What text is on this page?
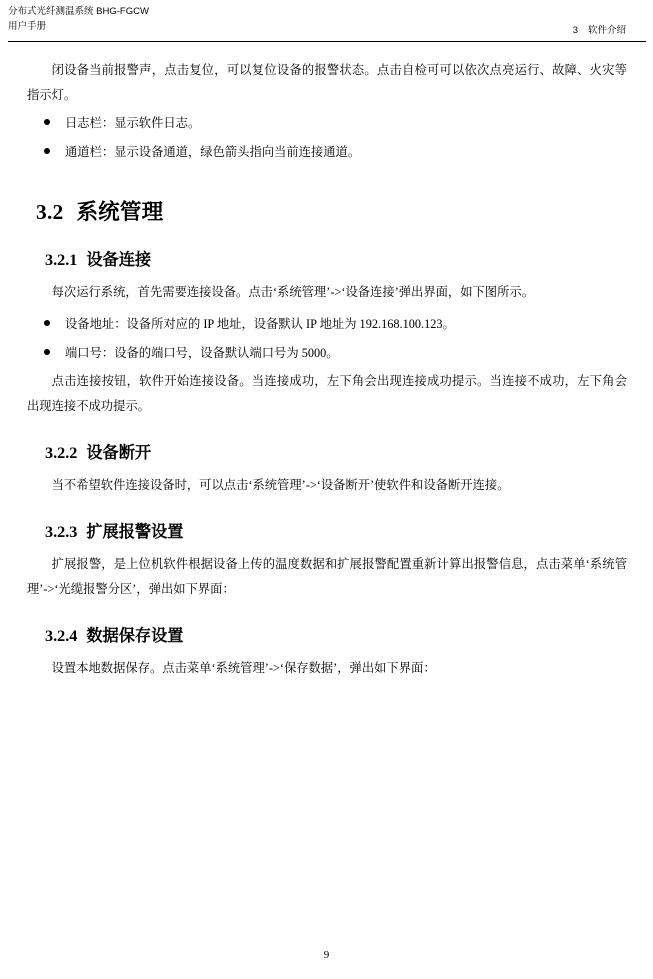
分布式光纤测温系统 BHG-FGCW
用户手册	3 软件介绍

闭设备当前报警声，点击复位，可以复位设备的报警状态。点击自检可可以依次点亮运行、故障、火灾等指示灯。

日志栏：显示软件日志。
通道栏：显示设备通道，绿色箭头指向当前连接通道。
3.2 系统管理
3.2.1 设备连接

每次运行系统，首先需要连接设备。点击‘系统管理’->‘设备连接’弹出界面，如下图所示。

设备地址：设备所对应的 IP 地址，设备默认 IP 地址为 192.168.100.123。
端口号：设备的端口号，设备默认端口号为 5000。

点击连接按钮，软件开始连接设备。当连接成功，左下角会出现连接成功提示。当连接不成功，左下角会出现连接不成功提示。

3.2.2 设备断开

当不希望软件连接设备时，可以点击‘系统管理’->‘设备断开’使软件和设备断开连接。

3.2.3 扩展报警设置

扩展报警，是上位机软件根据设备上传的温度数据和扩展报警配置重新计算出报警信息，点击菜单‘系统管理’->‘光缆报警分区’，弹出如下界面：

3.2.4 数据保存设置

设置本地数据保存。点击菜单‘系统管理’->‘保存数据’，弹出如下界面：

9
